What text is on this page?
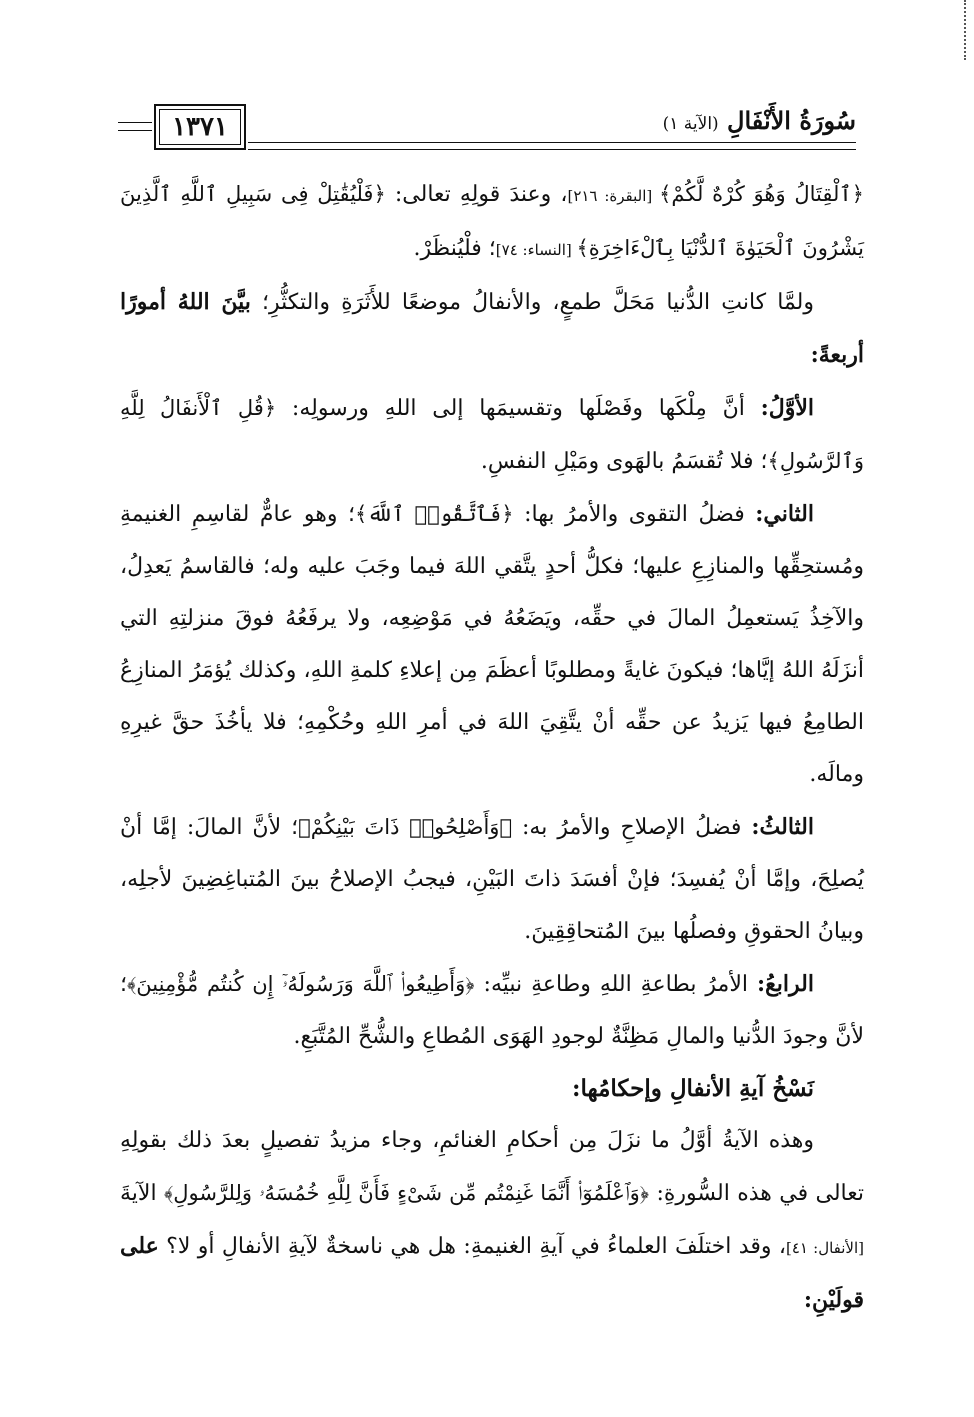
١٣٧١	سُورَةُ الأَنْفَالِ (الآية ١)

﴿ٱلْقِتَالُ وَهُوَ كُرْهٌ لَّكُمْ﴾ [البقرة: ٢١٦]، وعندَ قولِهِ تعالى: ﴿فَلْيُقَٰتِلْ فِى سَبِيلِ ٱللَّهِ ٱلَّذِينَ يَشْرُونَ ٱلْحَيَوٰةَ ٱلدُّنْيَا بِٱلْءَاخِرَةِ﴾ [النساء: ٧٤]؛ فلْيُنظَرْ.

ولمَّا كانتِ الدُّنيا مَحَلَّ طمعٍ، والأنفالُ موضعًا للأَثَرَةِ والتكثُّرِ؛ بيَّنَ اللهُ أمورًا أربعةً:

الأوَّلُ: أنَّ مِلْكَها وفَصْلَها وتقسيمَها إلى اللهِ ورسولِه: ﴿قُلِ ٱلْأَنفَالُ لِلَّهِ وَٱلرَّسُولِ﴾؛ فلا تُقسَمُ بالهَوى ومَيْلِ النفسِ.

الثاني: فضلُ التقوى والأمرُ بها: ﴿فَٱتَّقُوا۟ ٱللَّهَ﴾؛ وهو عامٌّ لقاسِمِ الغنيمةِ ومُستحِقِّها والمنازِعِ عليها؛ فكلُّ أحدٍ يتَّقي اللهَ فيما وجَبَ عليه وله؛ فالقاسمُ يَعدِلُ، والآخِذُ يَستعمِلُ المالَ في حقِّه، ويَضَعُهُ في مَوْضِعِه، ولا يرفَعُهُ فوقَ منزلتِهِ التي أنزَلَهُ اللهُ إيَّاها؛ فيكونَ غايةً ومطلوبًا أعظَمَ مِن إعلاءِ كلمةِ اللهِ، وكذلك يُؤمَرُ المنازِعُ الطامِعُ فيها يَزيدُ عن حقِّه أنْ يتَّقِيَ اللهَ في أمرِ اللهِ وحُكْمِهِ؛ فلا يأخُذَ حقَّ غيرِهِ ومالَه.

الثالثُ: فضلُ الإصلاحِ والأمرُ به: ﴿وَأَصْلِحُوا۟ ذَاتَ بَيْنِكُمْ﴾؛ لأنَّ المالَ: إمَّا أنْ يُصلِحَ، وإمَّا أنْ يُفسِدَ؛ فإنْ أفسَدَ ذاتَ البَيْنِ، فيجبُ الإصلاحُ بينَ المُتباغِضِينَ لأجلِه، وبيانُ الحقوقِ وفصلُها بينَ المُتحاقِقِينَ.

الرابعُ: الأمرُ بطاعةِ اللهِ وطاعةِ نبيِّه: ﴿وَأَطِيعُوا۟ ٱللَّهَ وَرَسُولَهُۥٓ إِن كُنتُم مُّؤْمِنِينَ﴾؛ لأنَّ وجودَ الدُّنيا والمالِ مَظِنَّةٌ لوجودِ الهَوَى المُطاعِ والشُّحِّ المُتَّبَعِ.

نَسْخُ آيةِ الأنفالِ وإحكامُها:

وهذه الآيةُ أوَّلُ ما نزَلَ مِن أحكامِ الغنائمِ، وجاء مزيدُ تفصيلٍ بعدَ ذلك بقولِهِ تعالى في هذه السُّورةِ: ﴿وَٱعْلَمُوٓا۟ أَنَّمَا غَنِمْتُم مِّن شَىْءٍ فَأَنَّ لِلَّهِ خُمُسَهُۥ وَلِلرَّسُولِ﴾ الآيةَ [الأنفال: ٤١]، وقد اختلَفَ العلماءُ في آيةِ الغنيمةِ: هل هي ناسخةٌ لآيةِ الأنفالِ أو لا؟ على قولَيْنِ:
